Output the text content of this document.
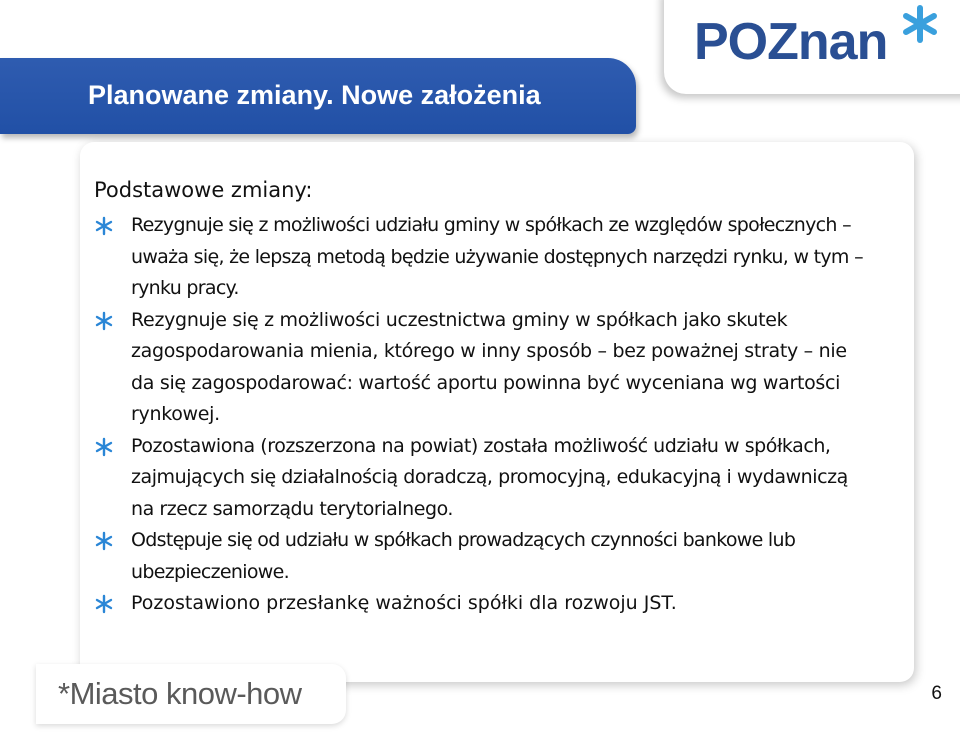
POZnan
Planowane zmiany. Nowe założenia

Podstawowe zmiany:

Rezygnuje się z możliwości udziału gminy w spółkach ze względów społecznych – uważa się, że lepszą metodą będzie używanie dostępnych narzędzi rynku, w tym – rynku pracy.
Rezygnuje się z możliwości uczestnictwa gminy w spółkach jako skutek zagospodarowania mienia, którego w inny sposób – bez poważnej straty – nie da się zagospodarować: wartość aportu powinna być wyceniana wg wartości rynkowej.
Pozostawiona (rozszerzona na powiat) została możliwość udziału w spółkach, zajmujących się działalnością doradczą, promocyjną, edukacyjną i wydawniczą na rzecz samorządu terytorialnego.
Odstępuje się od udziału w spółkach prowadzących czynności bankowe lub ubezpieczeniowe.
Pozostawiono przesłankę ważności spółki dla rozwoju JST.
*Miasto know-how	6
